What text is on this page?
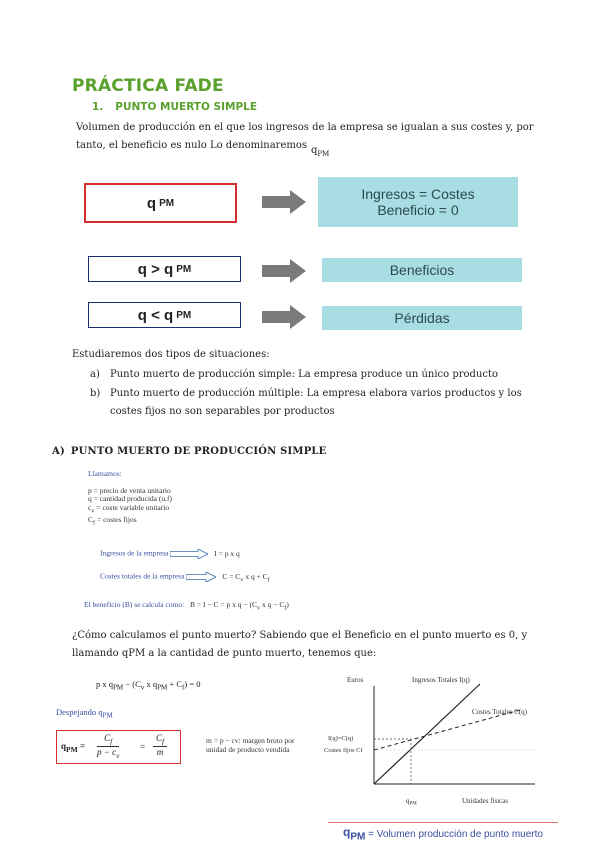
PRÁCTICA FADE
1. PUNTO MUERTO SIMPLE
Volumen de producción en el que los ingresos de la empresa se igualan a sus costes y, por
tanto, el beneficio es nulo Lo denominaremos $q_{PM}$
q PM
Ingresos = Costes
Beneficio = 0
q > q PM	Beneficios
q < q PM	Pérdidas
Estudiaremos dos tipos de situaciones:
a) Punto muerto de producción simple: La empresa produce un único producto
b) Punto muerto de producción múltiple: La empresa elabora varios productos y los
costes fijos no son separables por productos
A) PUNTO MUERTO DE PRODUCCIÓN SIMPLE
Llamamos:
p = precio de venta unitario
q = cantidad producida (u.f)
$c_v$ = coste variable unitario
$C_f$ = costes fijos
Ingresos de la empresa	I = p x q
Costes totales de la empresa	$C = C_v$ x $q + C_f$
El beneficio (B) se calcula como: B = I − C = p x $q - (C_v$ x $q - C_f$)
¿Cómo calculamos el punto muerto? Sabiendo que el Beneficio en el punto muerto es 0, y
llamando qPM a la cantidad de punto muerto, tenemos que:
p x $q_{PM} - (C_v$ x $q_{PM} + C_f) = 0$
Despejando $q_{PM}$
$q_{PM} = \frac{C_f}{p - c_v} = \frac{C_f}{m}$	m = p − cv: margen bruto por
unidad de producto vendida
Euros	Ingresos Totales I(q)
Costes Totales C(q)
I(q)=C(q)
Costes fijos Cf
$q_{PM}$	Unidades físicas
$q_{PM}$
= Volumen producción de punto muerto
